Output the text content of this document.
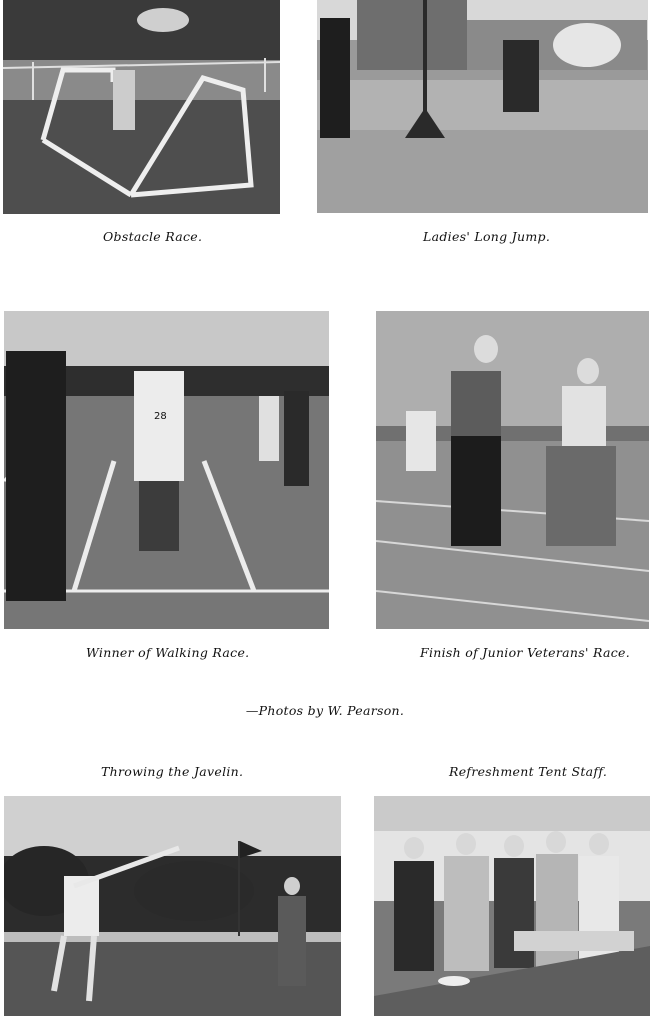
Obstacle Race.	Ladies' Long Jump.
28
Winner of Walking Race.	Finish of Junior Veterans' Race.
—Photos by W. Pearson.
Throwing the Javelin.	Refreshment Tent Staff.
